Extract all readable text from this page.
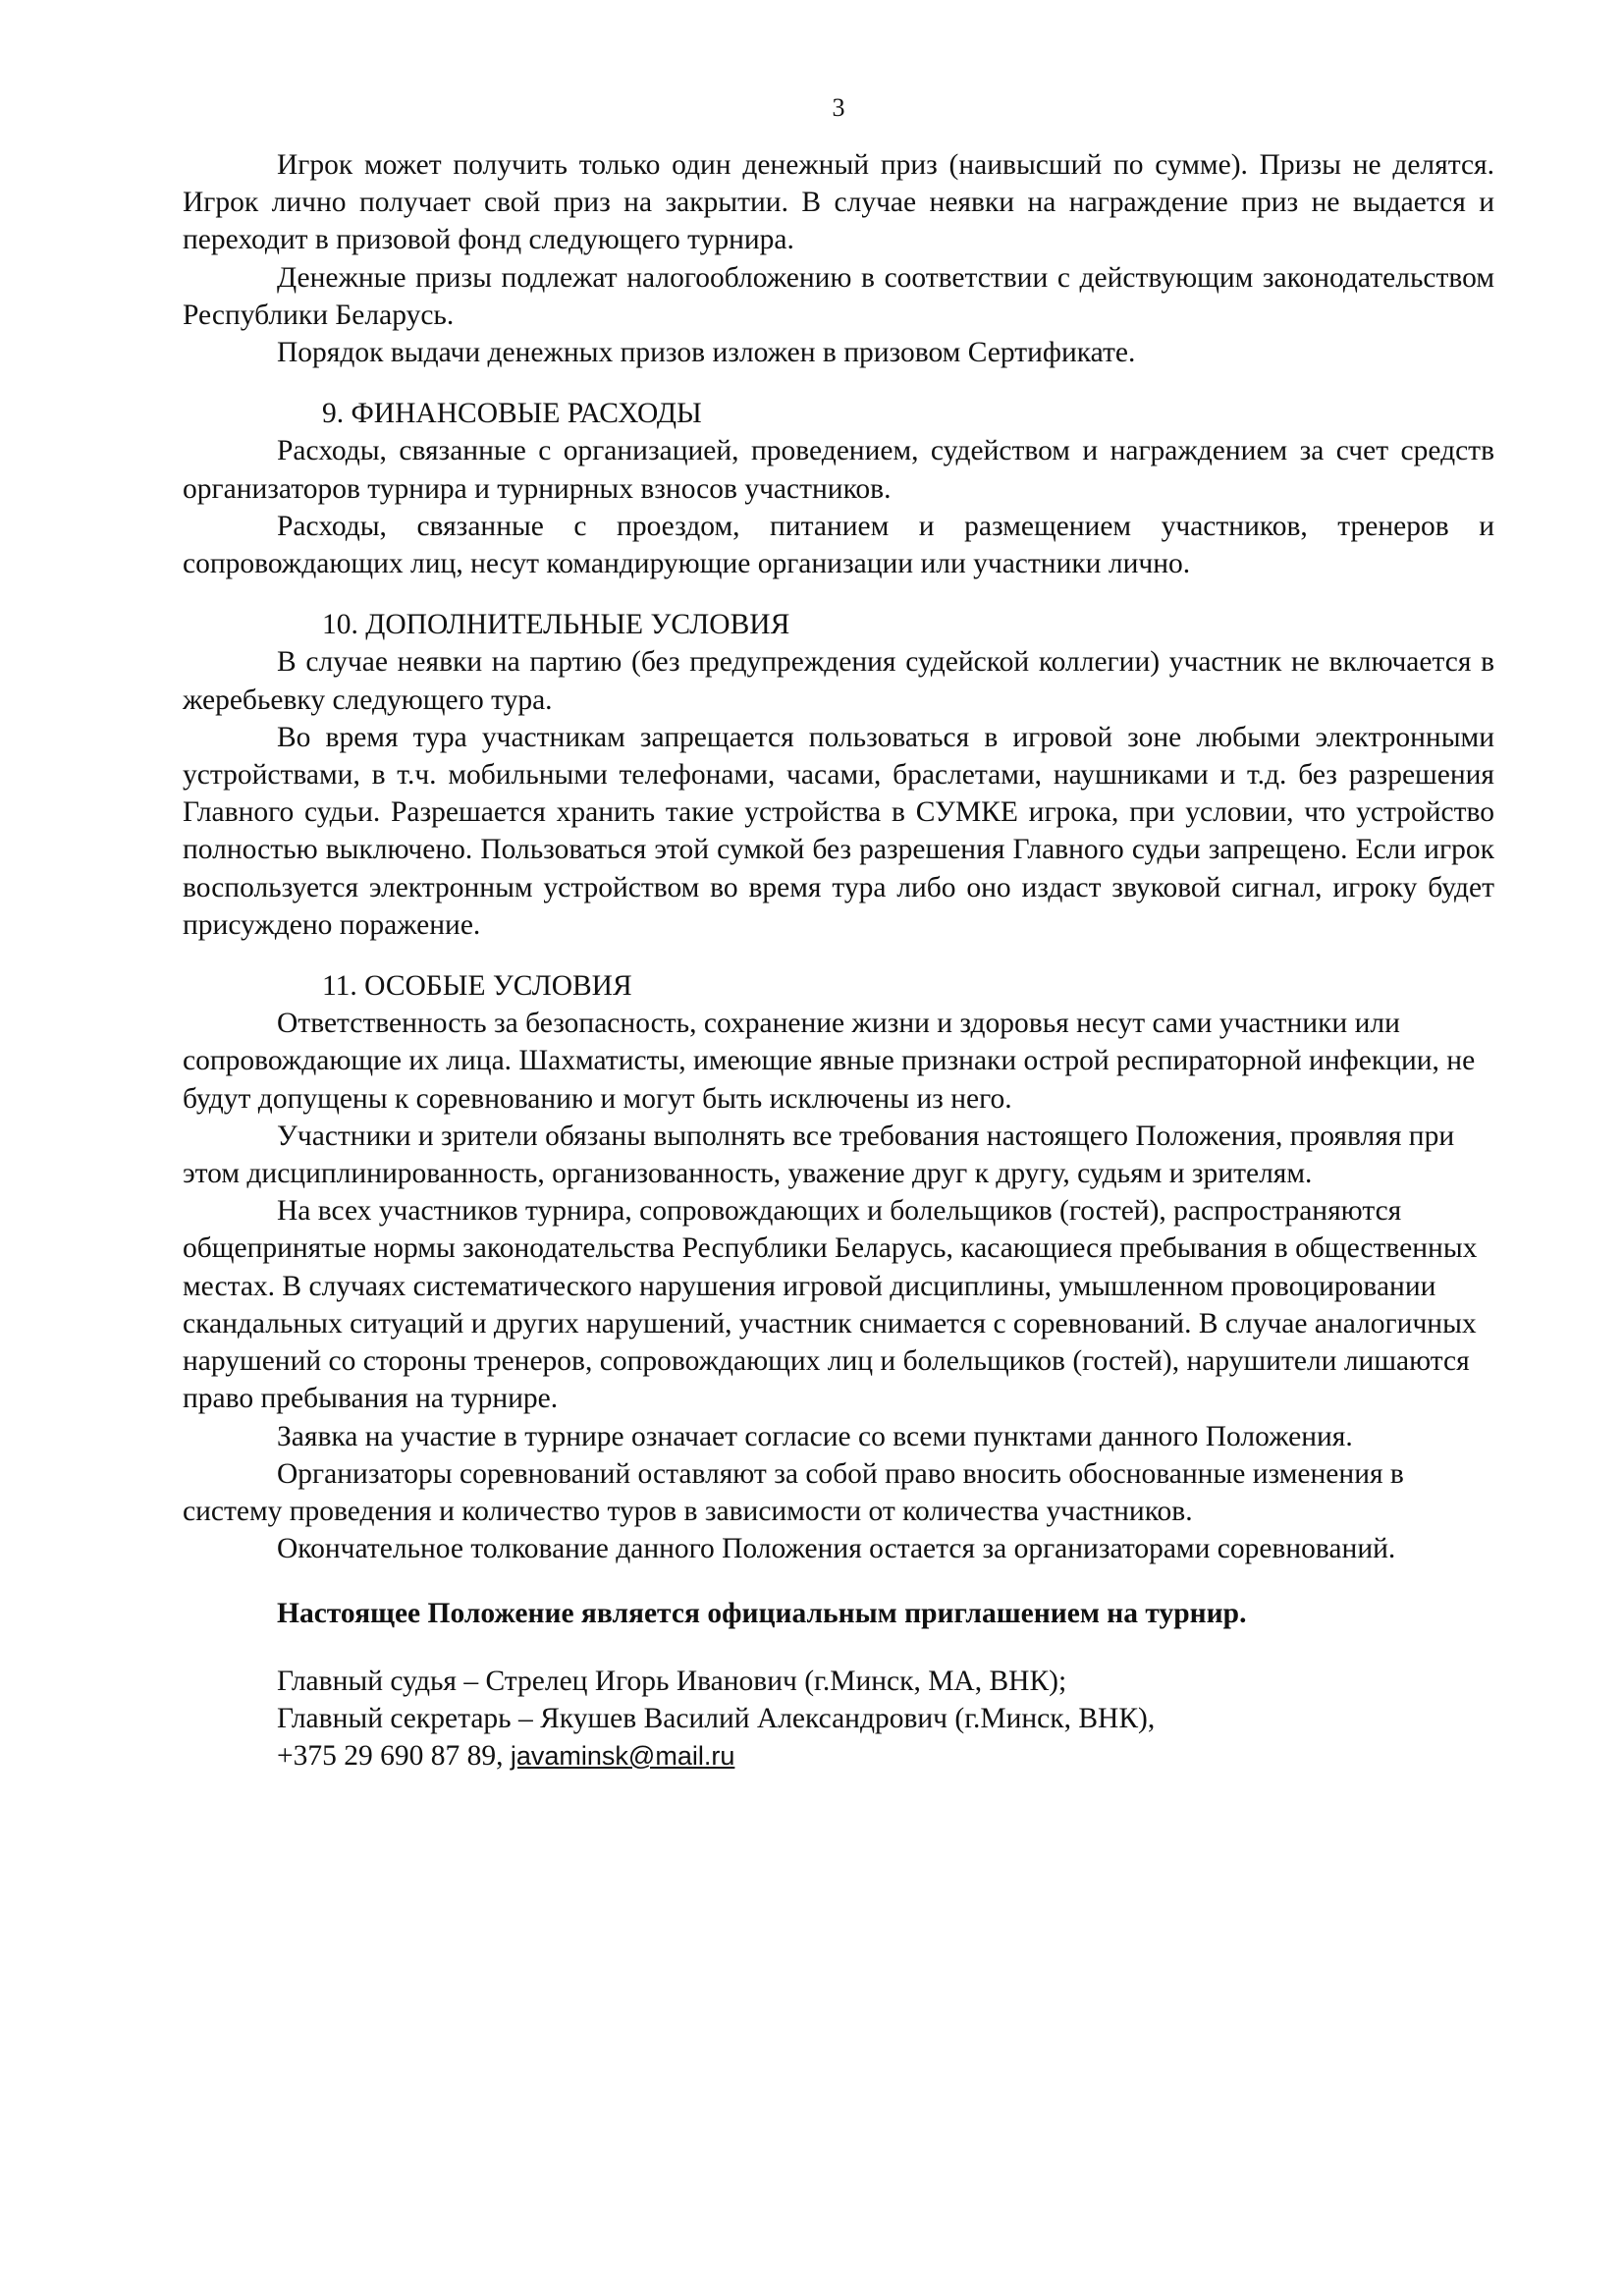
3

Игрок может получить только один денежный приз (наивысший по сумме). Призы не делятся. Игрок лично получает свой приз на закрытии. В случае неявки на награждение приз не выдается и переходит в призовой фонд следующего турнира.

Денежные призы подлежат налогообложению в соответствии с действующим законодательством Республики Беларусь.

Порядок выдачи денежных призов изложен в призовом Сертификате.

9. ФИНАНСОВЫЕ РАСХОДЫ

Расходы, связанные с организацией, проведением, судейством и награждением за счет средств организаторов турнира и турнирных взносов участников.

Расходы, связанные с проездом, питанием и размещением участников, тренеров и сопровождающих лиц, несут командирующие организации или участники лично.

10. ДОПОЛНИТЕЛЬНЫЕ УСЛОВИЯ

В случае неявки на партию (без предупреждения судейской коллегии) участник не включается в жеребьевку следующего тура.

Во время тура участникам запрещается пользоваться в игровой зоне любыми электронными устройствами, в т.ч. мобильными телефонами, часами, браслетами, наушниками и т.д. без разрешения Главного судьи. Разрешается хранить такие устройства в СУМКЕ игрока, при условии, что устройство полностью выключено. Пользоваться этой сумкой без разрешения Главного судьи запрещено. Если игрок воспользуется электронным устройством во время тура либо оно издаст звуковой сигнал, игроку будет присуждено поражение.

11. ОСОБЫЕ УСЛОВИЯ

Ответственность за безопасность, сохранение жизни и здоровья несут сами участники или сопровождающие их лица. Шахматисты, имеющие явные признаки острой респираторной инфекции, не будут допущены к соревнованию и могут быть исключены из него.

Участники и зрители обязаны выполнять все требования настоящего Положения, проявляя при этом дисциплинированность, организованность, уважение друг к другу, судьям и зрителям.

На всех участников турнира, сопровождающих и болельщиков (гостей), распространяются общепринятые нормы законодательства Республики Беларусь, касающиеся пребывания в общественных местах. В случаях систематического нарушения игровой дисциплины, умышленном провоцировании скандальных ситуаций и других нарушений, участник снимается с соревнований. В случае аналогичных нарушений со стороны тренеров, сопровождающих лиц и болельщиков (гостей), нарушители лишаются право пребывания на турнире.

Заявка на участие в турнире означает согласие со всеми пунктами данного Положения.

Организаторы соревнований оставляют за собой право вносить обоснованные изменения в систему проведения и количество туров в зависимости от количества участников.

Окончательное толкование данного Положения остается за организаторами соревнований.

Настоящее Положение является официальным приглашением на турнир.

Главный судья – Стрелец Игорь Иванович (г.Минск, МА, ВНК);

Главный секретарь – Якушев Василий Александрович (г.Минск, ВНК),

+375 29 690 87 89, javaminsk@mail.ru
